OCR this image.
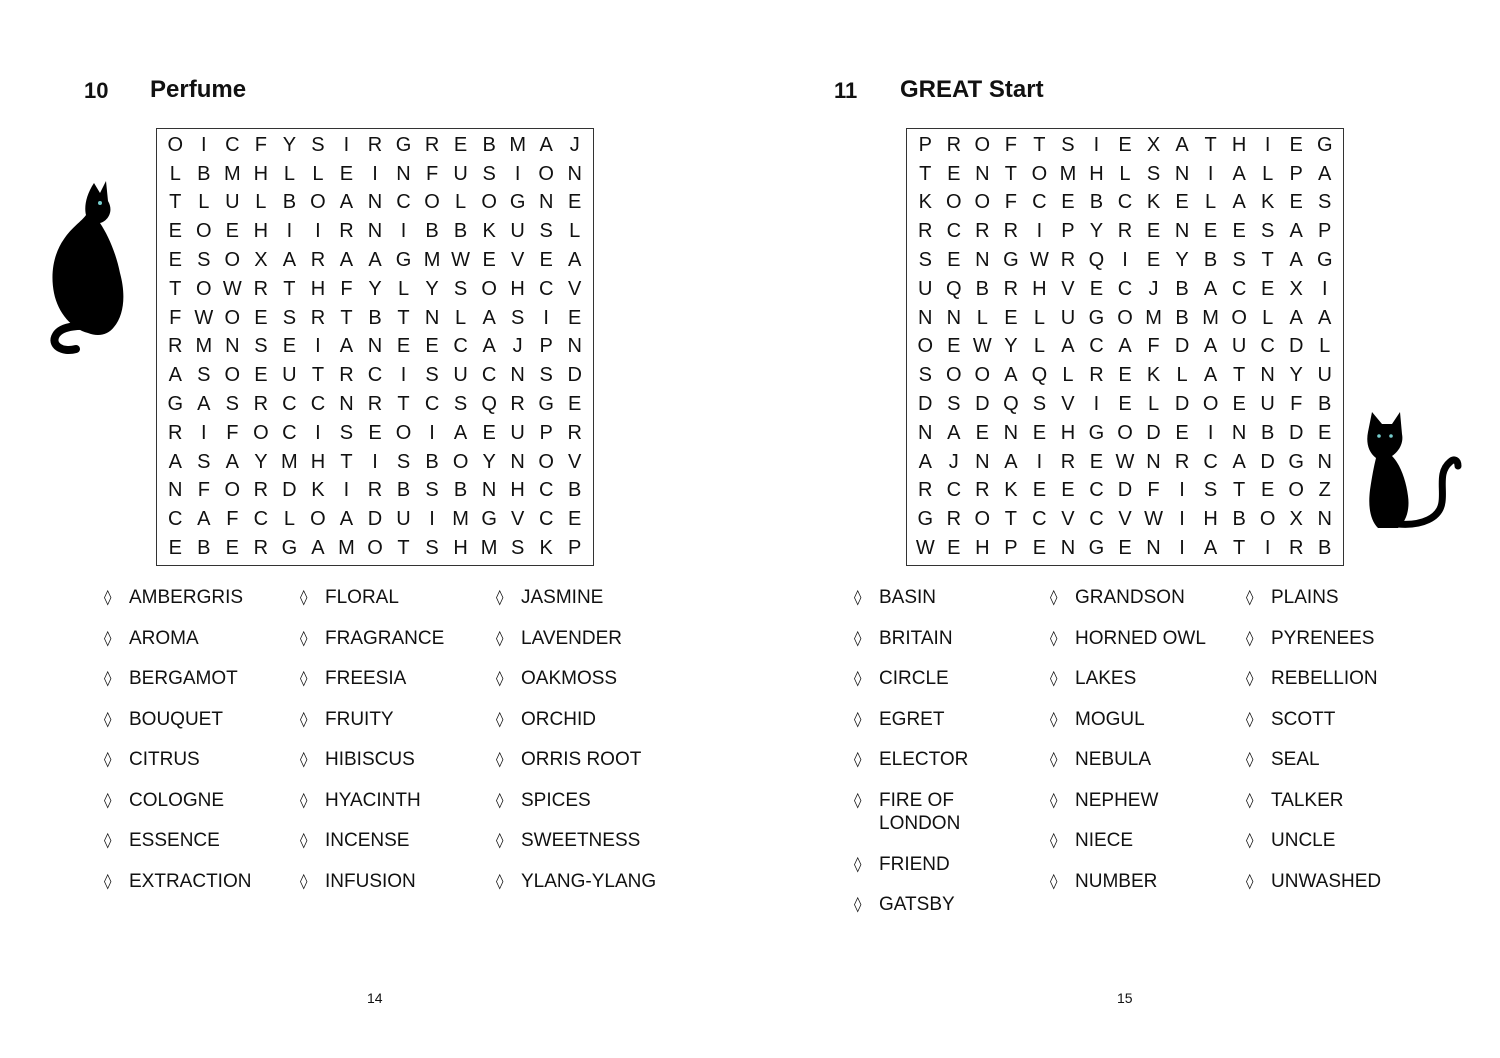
10 Perfume
O I C F Y S I R G R E B M A J
L B M H L L E I N F U S I O N
T L U L B O A N C O L O G N E
E O E H I	I R N I B B K U S L
E S O X A R A A G M W E V E A
T O W R T H F Y L Y S O H C V
F W O E S R T B T N L A S I E
R M N S E I A N E E C A J P N
A S O E U T R C I S U C N S D
G A S R C C N R T C S Q R G E
R I F O C I S E O I A E U P R
A S A Y M H T I S B O Y N O V
N F O R D K I R B S B N H C B
C A F C L O A D U I M G V C E
E B E R G A M O T S H M S K P
◊ AMBERGRIS
◊ AROMA
◊ BERGAMOT
◊ BOUQUET
◊ CITRUS
◊ COLOGNE
◊ ESSENCE
◊ EXTRACTION
◊ FLORAL
◊ FRAGRANCE
◊ FREESIA
◊ FRUITY
◊ HIBISCUS
◊ HYACINTH
◊ INCENSE
◊ INFUSION
◊ JASMINE
◊ LAVENDER
◊ OAKMOSS
◊ ORCHID
◊ ORRIS ROOT
◊ SPICES
◊ SWEETNESS
◊ YLANG-YLANG
14
11 GREAT Start
P R O F T S I E X A T H I E G
T E N T O M H L S N I A L P A
K O O F C E B C K E L A K E S
R C R R I P Y R E N E E S A P
S E N G W R Q I E Y B S T A G
U Q B R H V E C J B A C E X I
N N L E L U G O M B M O L A A
O E W Y L A C A F D A U C D L
S O O A Q L R E K L A T N Y U
D S D Q S V I E L D O E U F B
N A E N E H G O D E I N B D E
A J N A I R E W N R C A D G N
R C R K E E C D F I S T E O Z
G R O T C V C V W I H B O X N
W E H P E N G E N I A T I R B
◊ BASIN
◊ BRITAIN
◊ CIRCLE
◊ EGRET
◊ ELECTOR
◊ FIRE OF
LONDON
◊ FRIEND
◊ GATSBY
◊ GRANDSON
◊ HORNED OWL
◊ LAKES
◊ MOGUL
◊ NEBULA
◊ NEPHEW
◊ NIECE
◊ NUMBER
◊ PLAINS
◊ PYRENEES
◊ REBELLION
◊ SCOTT
◊ SEAL
◊ TALKER
◊ UNCLE
◊ UNWASHED
15
